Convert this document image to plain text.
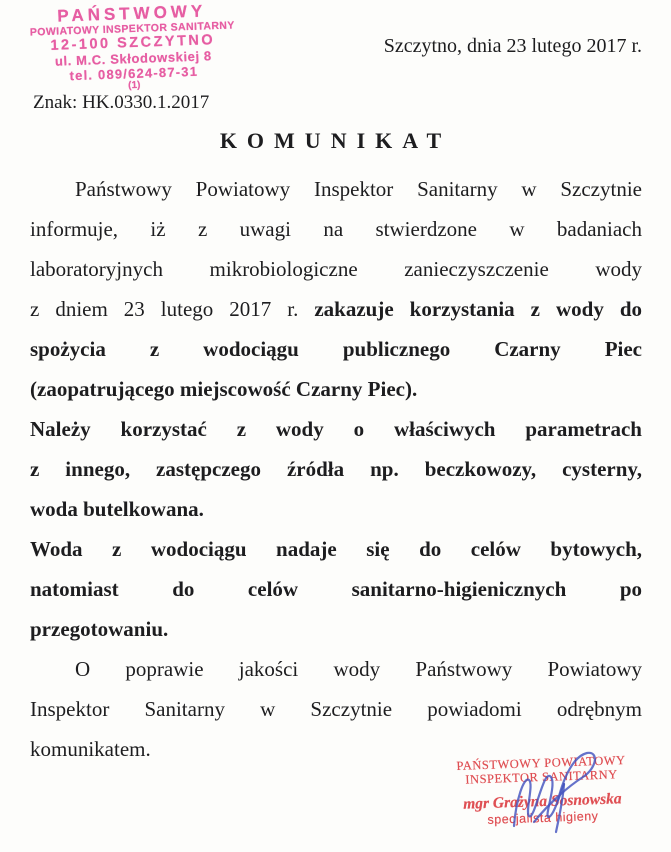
PAŃSTWOWY
POWIATOWY INSPEKTOR SANITARNY
12-100 SZCZYTNO
ul. M.C. Skłodowskiej 8
tel. 089/624-87-31
(1)
Szczytno, dnia 23 lutego 2017 r.
Znak: HK.0330.1.2017
KOMUNIKAT
Państwowy Powiatowy Inspektor Sanitarny w Szczytnie
informuje, iż z uwagi na stwierdzone w badaniach
laboratoryjnych mikrobiologiczne zanieczyszczenie wody
z dniem 23 lutego 2017 r. zakazuje korzystania z wody do
spożycia z wodociągu publicznego Czarny Piec
(zaopatrującego miejscowość Czarny Piec).
Należy korzystać z wody o właściwych parametrach
z innego, zastępczego źródła np. beczkowozy, cysterny,
woda butelkowana.
Woda z wodociągu nadaje się do celów bytowych,
natomiast do celów sanitarno-higienicznych po
przegotowaniu.
O poprawie jakości wody Państwowy Powiatowy
Inspektor Sanitarny w Szczytnie powiadomi odrębnym
komunikatem.
PAŃSTWOWY POWIATOWY
INSPEKTOR SANITARNY
mgr Grażyna Sosnowska
specjalista higieny
